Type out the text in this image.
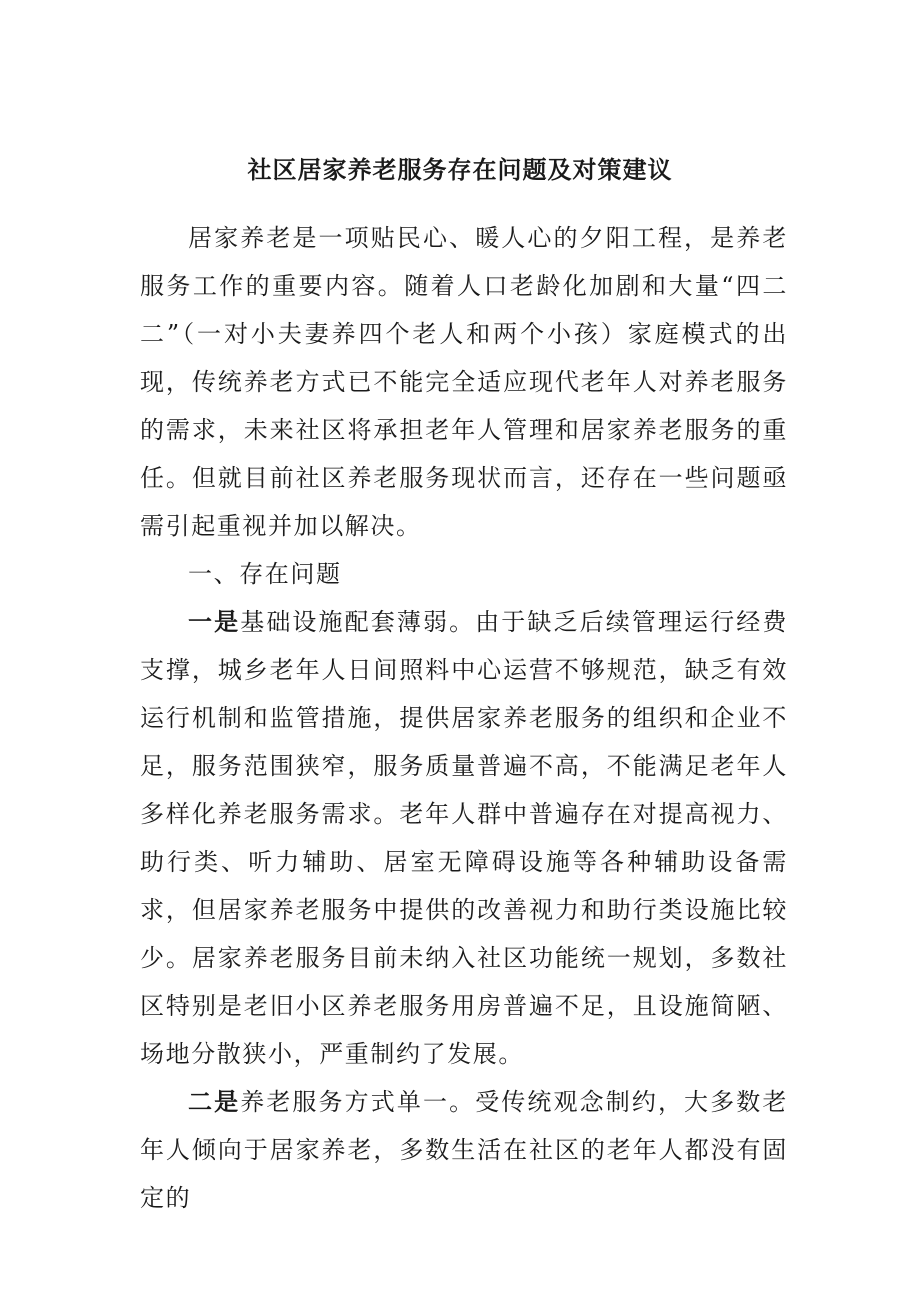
社区居家养老服务存在问题及对策建议

居家养老是一项贴民心、暖人心的夕阳工程，是养老服务工作的重要内容。随着人口老龄化加剧和大量“四二二”（一对小夫妻养四个老人和两个小孩）家庭模式的出现，传统养老方式已不能完全适应现代老年人对养老服务的需求，未来社区将承担老年人管理和居家养老服务的重任。但就目前社区养老服务现状而言，还存在一些问题亟需引起重视并加以解决。

一、存在问题

一是基础设施配套薄弱。由于缺乏后续管理运行经费支撑，城乡老年人日间照料中心运营不够规范，缺乏有效运行机制和监管措施，提供居家养老服务的组织和企业不足，服务范围狭窄，服务质量普遍不高，不能满足老年人多样化养老服务需求。老年人群中普遍存在对提高视力、助行类、听力辅助、居室无障碍设施等各种辅助设备需求，但居家养老服务中提供的改善视力和助行类设施比较少。居家养老服务目前未纳入社区功能统一规划，多数社区特别是老旧小区养老服务用房普遍不足，且设施简陋、场地分散狭小，严重制约了发展。

二是养老服务方式单一。受传统观念制约，大多数老年人倾向于居家养老，多数生活在社区的老年人都没有固定的
